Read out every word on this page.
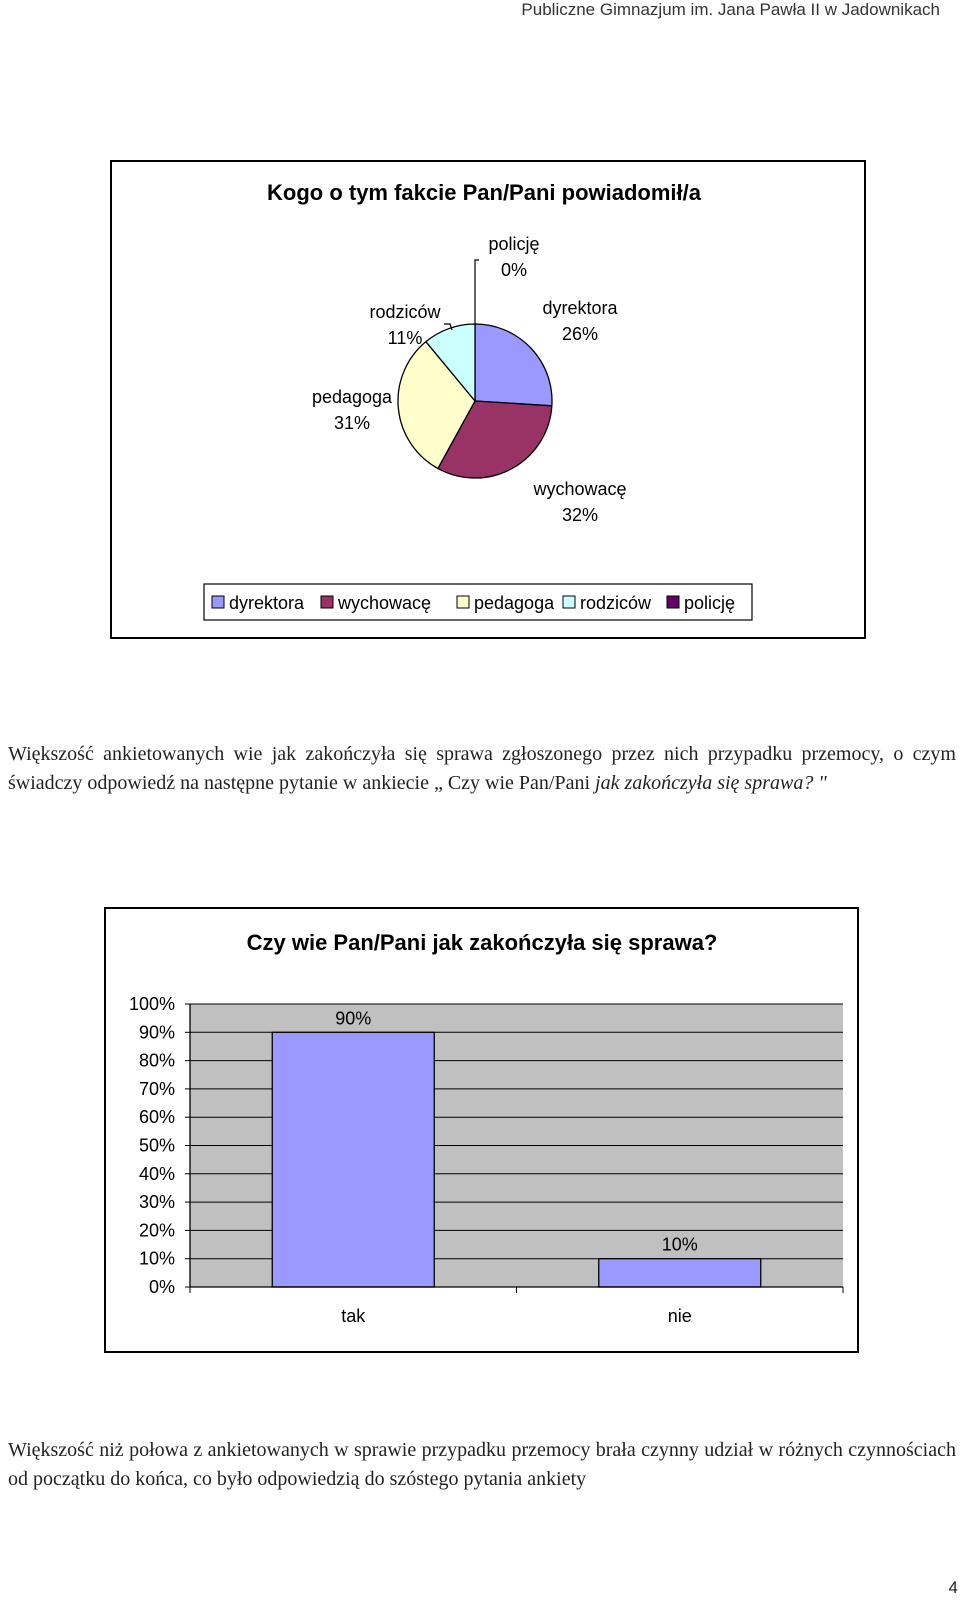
Publiczne Gimnazjum im. Jana Pawła II w Jadownikach
Kogo o tym fakcie Pan/Pani powiadomił/a
dyrektora
26%
wychowacę
32%
pedagoga
31%
rodziców
11%
policję
0%
dyrektora wychowacę pedagoga rodziców policję

Większość ankietowanych wie jak zakończyła się sprawa zgłoszonego przez nich przypadku przemocy, o czym świadczy odpowiedź na następne pytanie w ankiecie „ Czy wie Pan/Pani jak zakończyła się sprawa? "

Czy wie Pan/Pani jak zakończyła się sprawa?
90%
10%
0%
10%
20%
30%
40%
50%
60%
70%
80%
90%
100%
tak	nie

Większość niż połowa z ankietowanych w sprawie przypadku przemocy brała czynny udział w różnych czynnościach od początku do końca, co było odpowiedzią do szóstego pytania ankiety

4
